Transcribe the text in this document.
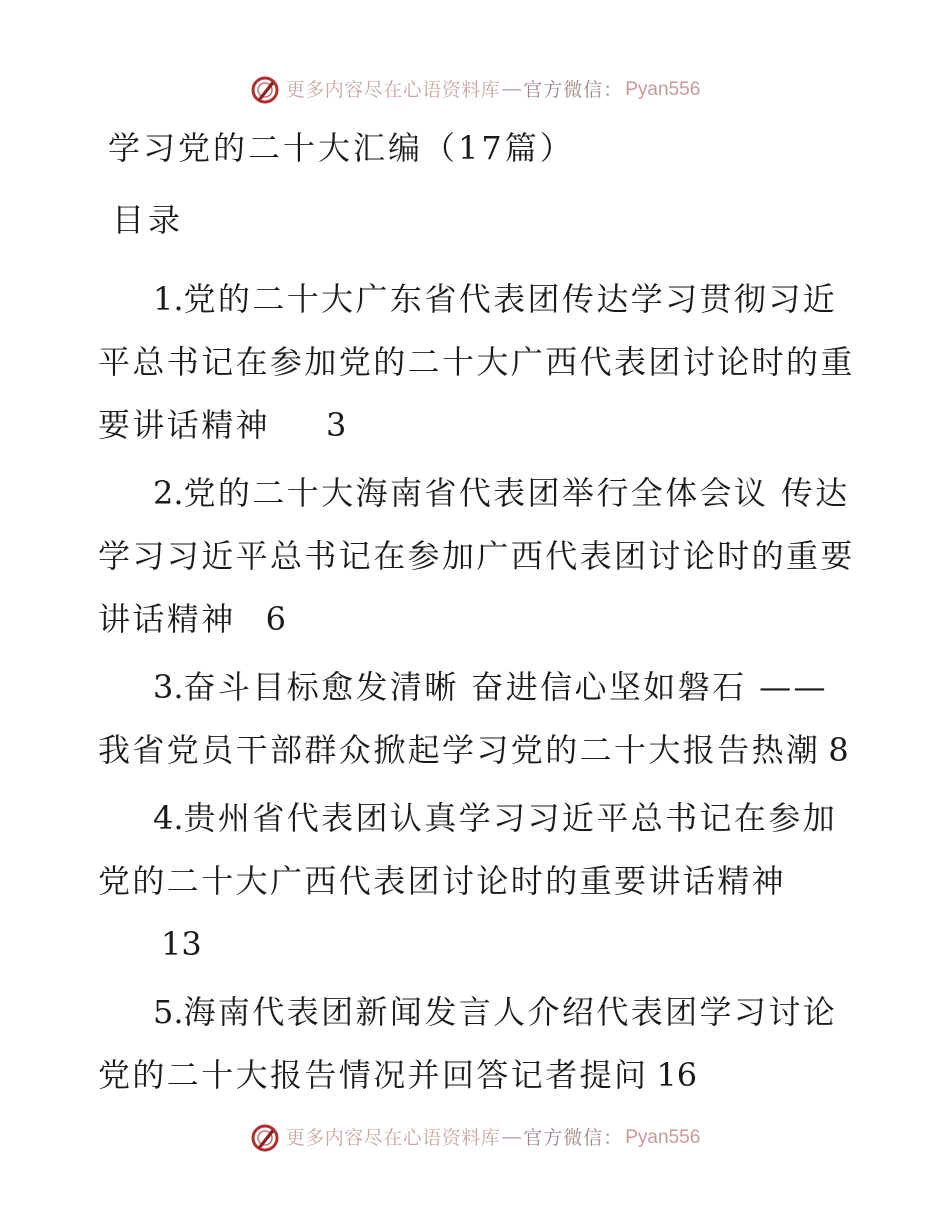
更多内容尽在心语资料库 — 官方微信： Pyan556
学习党的二十大汇编（17篇）
目录

1.党的二十大广东省代表团传达学习贯彻习近平总书记在参加党的二十大广西代表团讨论时的重要讲话精神 3

2.党的二十大海南省代表团举行全体会议 传达学习习近平总书记在参加广西代表团讨论时的重要讲话精神 6

3.奋斗目标愈发清晰 奋进信心坚如磐石 ——我省党员干部群众掀起学习党的二十大报告热潮 8

4.贵州省代表团认真学习习近平总书记在参加党的二十大广西代表团讨论时的重要讲话精神
13

5.海南代表团新闻发言人介绍代表团学习讨论党的二十大报告情况并回答记者提问 16

更多内容尽在心语资料库 — 官方微信： Pyan556
